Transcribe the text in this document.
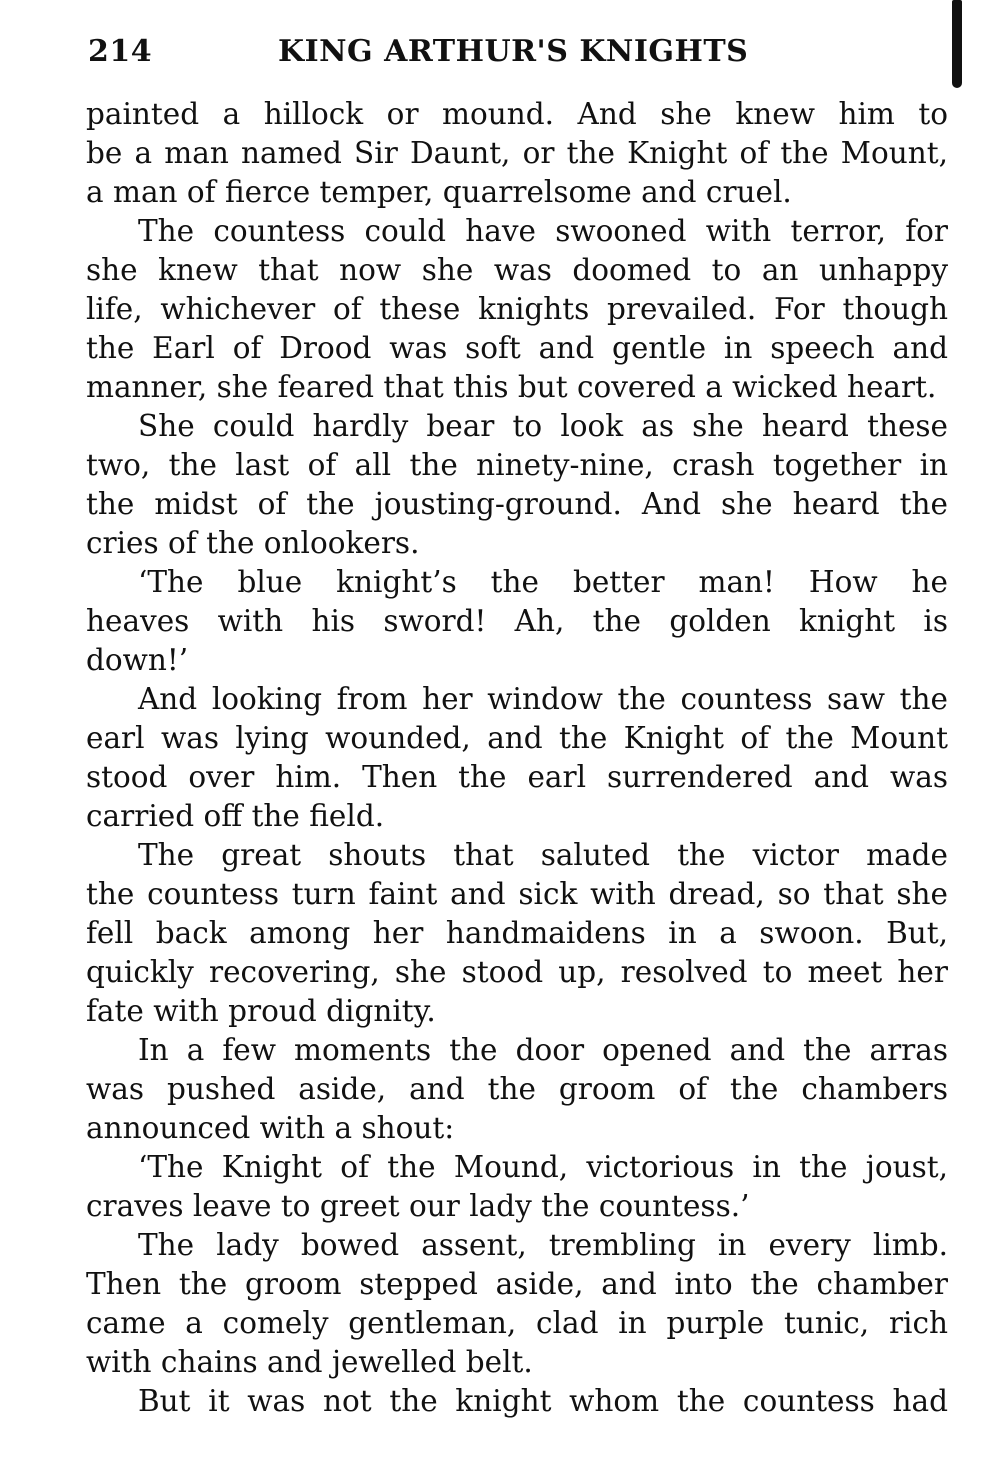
214	KING ARTHUR'S KNIGHTS
painted a hillock or mound. And she knew him to
be a man named Sir Daunt, or the Knight of the Mount,
a man of fierce temper, quarrelsome and cruel.
The countess could have swooned with terror, for
she knew that now she was doomed to an unhappy
life, whichever of these knights prevailed. For though
the Earl of Drood was soft and gentle in speech and
manner, she feared that this but covered a wicked heart.
She could hardly bear to look as she heard these
two, the last of all the ninety-nine, crash together in
the midst of the jousting-ground. And she heard the
cries of the onlookers.
‘The blue knight’s the better man! How he
heaves with his sword! Ah, the golden knight is
down!’
And looking from her window the countess saw the
earl was lying wounded, and the Knight of the Mount
stood over him. Then the earl surrendered and was
carried off the field.
The great shouts that saluted the victor made
the countess turn faint and sick with dread, so that she
fell back among her handmaidens in a swoon. But,
quickly recovering, she stood up, resolved to meet her
fate with proud dignity.
In a few moments the door opened and the arras
was pushed aside, and the groom of the chambers
announced with a shout:
‘The Knight of the Mound, victorious in the joust,
craves leave to greet our lady the countess.’
The lady bowed assent, trembling in every limb.
Then the groom stepped aside, and into the chamber
came a comely gentleman, clad in purple tunic, rich
with chains and jewelled belt.
But it was not the knight whom the countess had
